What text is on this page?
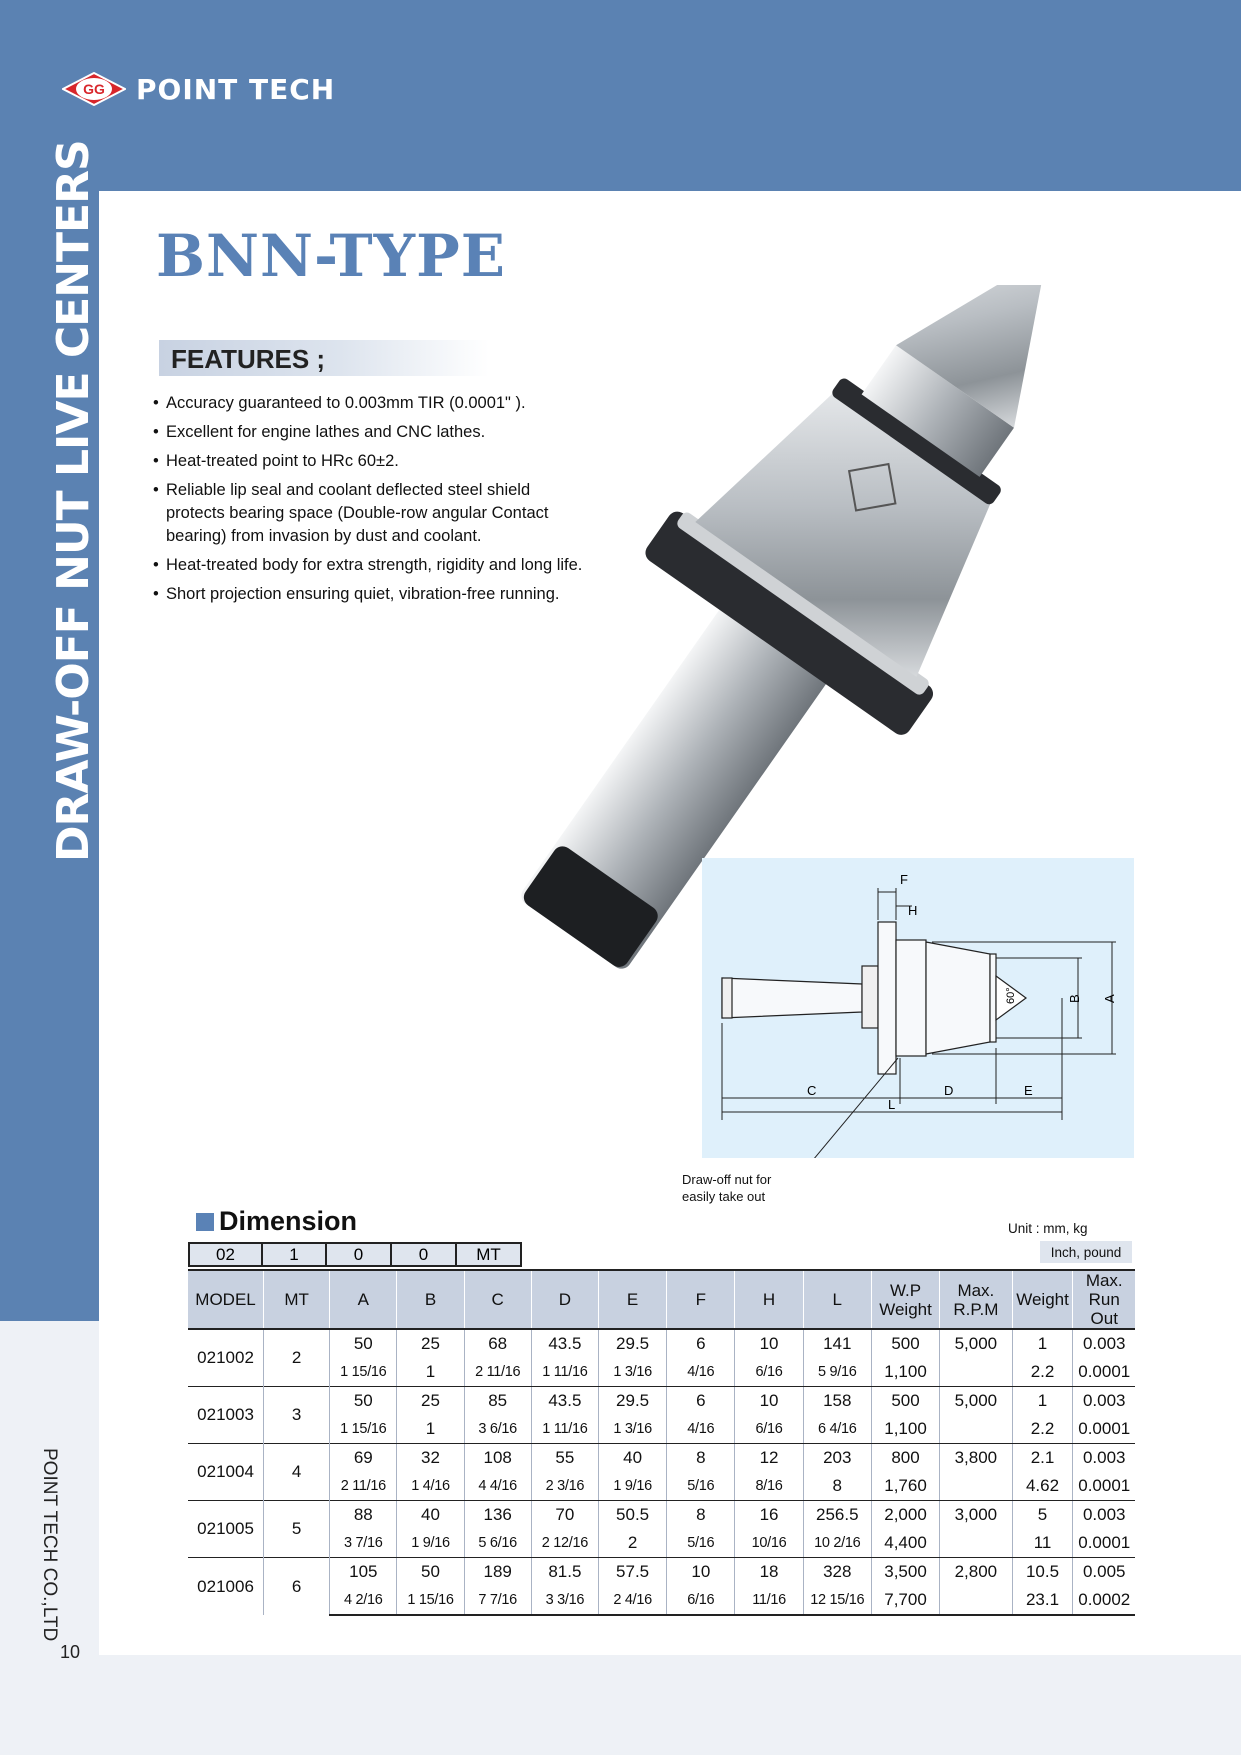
GG POINT TECH
DRAW-OFF NUT LIVE CENTERS BNN-TYPE
FEATURES ;
• Accuracy guaranteed to 0.003mm TIR (0.0001" ).
• Excellent for engine lathes and CNC lathes.
• Heat-treated point to HRc 60±2.
• Reliable lip seal and coolant deflected steel shield protects bearing space (Double-row angular Contact bearing) from invasion by dust and coolant.
• Heat-treated body for extra strength, rigidity and long life.
• Short projection ensuring quiet, vibration-free running.
F
H
A
B
60°
C	D	E
L
Draw-off nut for
easily take out
Dimension	Unit : mm, kg
Inch, pound
02	1	0	0	MT
MODEL	MT	A	B	C	D	E	F	H	L	W.P Weight	Max. R.P.M	Weight	Max. Run Out
021002	2	50	25	68	43.5	29.5	6	10	141	500	5,000	1	0.003
		1 15/16	1	2 11/16	1 11/16	1 3/16	4/16	6/16	5 9/16	1,100		2.2	0.0001
021003	3	50	25	85	43.5	29.5	6	10	158	500	5,000	1	0.003
		1 15/16	1	3 6/16	1 11/16	1 3/16	4/16	6/16	6 4/16	1,100		2.2	0.0001
021004	4	69	32	108	55	40	8	12	203	800	3,800	2.1	0.003
		2 11/16	1 4/16	4 4/16	2 3/16	1 9/16	5/16	8/16	8	1,760		4.62	0.0001
021005	5	88	40	136	70	50.5	8	16	256.5	2,000	3,000	5	0.003
		3 7/16	1 9/16	5 6/16	2 12/16	2	5/16	10/16	10 2/16	4,400		11	0.0001
021006	6	105	50	189	81.5	57.5	10	18	328	3,500	2,800	10.5	0.005
		4 2/16	1 15/16	7 7/16	3 3/16	2 4/16	6/16	11/16	12 15/16	7,700		23.1	0.0002
POINT TECH CO.,LTD
10
